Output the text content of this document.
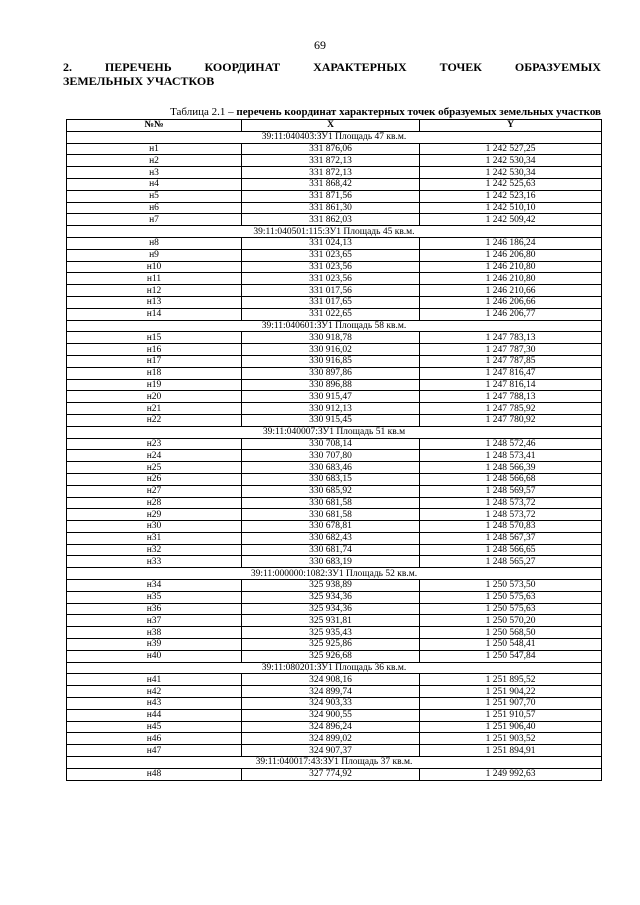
69
2.	ПЕРЕЧЕНЬ	КООРДИНАТ	ХАРАКТЕРНЫХ	ТОЧЕК	ОБРАЗУЕМЫХ
ЗЕМЕЛЬНЫХ УЧАСТКОВ
Таблица 2.1 – перечень координат характерных точек образуемых земельных участков
№№	X	Y
39:11:040403:ЗУ1 Площадь 47 кв.м.		
н1	331 876,06	1 242 527,25
н2	331 872,13	1 242 530,34
н3	331 872,13	1 242 530,34
н4	331 868,42	1 242 525,63
н5	331 871,56	1 242 523,16
н6	331 861,30	1 242 510,10
н7	331 862,03	1 242 509,42
39:11:040501:115:ЗУ1 Площадь 45 кв.м.		
н8	331 024,13	1 246 186,24
н9	331 023,65	1 246 206,80
н10	331 023,56	1 246 210,80
н11	331 023,56	1 246 210,80
н12	331 017,56	1 246 210,66
н13	331 017,65	1 246 206,66
н14	331 022,65	1 246 206,77
39:11:040601:ЗУ1 Площадь 58 кв.м.		
н15	330 918,78	1 247 783,13
н16	330 916,02	1 247 787,30
н17	330 916,85	1 247 787,85
н18	330 897,86	1 247 816,47
н19	330 896,88	1 247 816,14
н20	330 915,47	1 247 788,13
н21	330 912,13	1 247 785,92
н22	330 915,45	1 247 780,92
39:11:040007:ЗУ1 Площадь 51 кв.м		
н23	330 708,14	1 248 572,46
н24	330 707,80	1 248 573,41
н25	330 683,46	1 248 566,39
н26	330 683,15	1 248 566,68
н27	330 685,92	1 248 569,57
н28	330 681,58	1 248 573,72
н29	330 681,58	1 248 573,72
н30	330 678,81	1 248 570,83
н31	330 682,43	1 248 567,37
н32	330 681,74	1 248 566,65
н33	330 683,19	1 248 565,27
39:11:000000:1082:ЗУ1 Площадь 52 кв.м.		
н34	325 938,89	1 250 573,50
н35	325 934,36	1 250 575,63
н36	325 934,36	1 250 575,63
н37	325 931,81	1 250 570,20
н38	325 935,43	1 250 568,50
н39	325 925,86	1 250 548,41
н40	325 926,68	1 250 547,84
39:11:080201:ЗУ1 Площадь 36 кв.м.		
н41	324 908,16	1 251 895,52
н42	324 899,74	1 251 904,22
н43	324 903,33	1 251 907,70
н44	324 900,55	1 251 910,57
н45	324 896,24	1 251 906,40
н46	324 899,02	1 251 903,52
н47	324 907,37	1 251 894,91
39:11:040017:43:ЗУ1 Площадь 37 кв.м.		
н48	327 774,92	1 249 992,63
